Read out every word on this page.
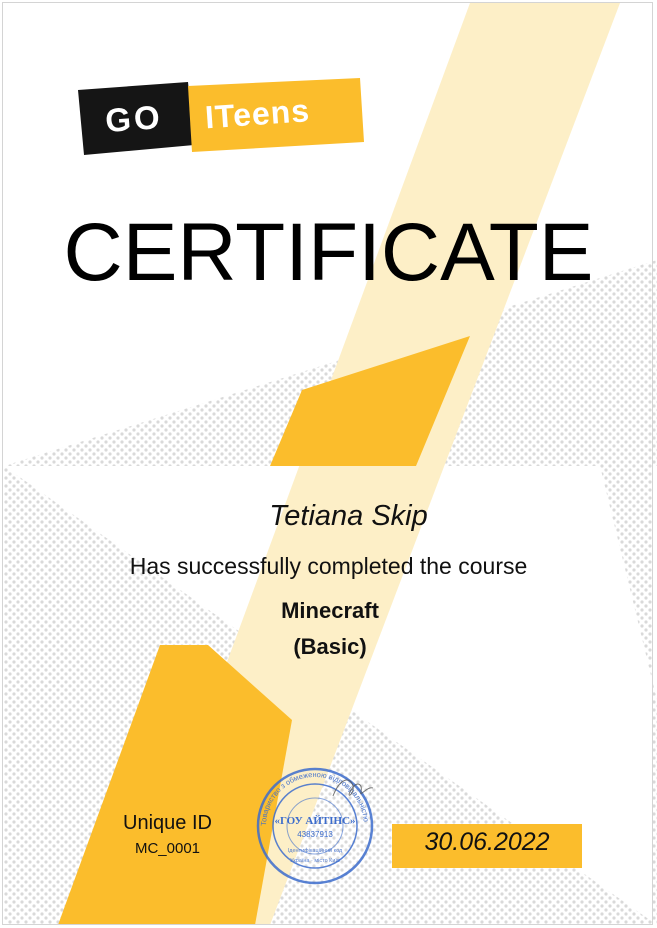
GO	ITeens
CERTIFICATE
Tetiana Skip
Has successfully completed the course
Minecraft
(Basic)
Unique ID
MC_0001
Товариство з обмеженою відповідальністю
«ГОУ АЙТІНС»
43837913
Ідентифікаційний код
Україна · місто Київ
30.06.2022
